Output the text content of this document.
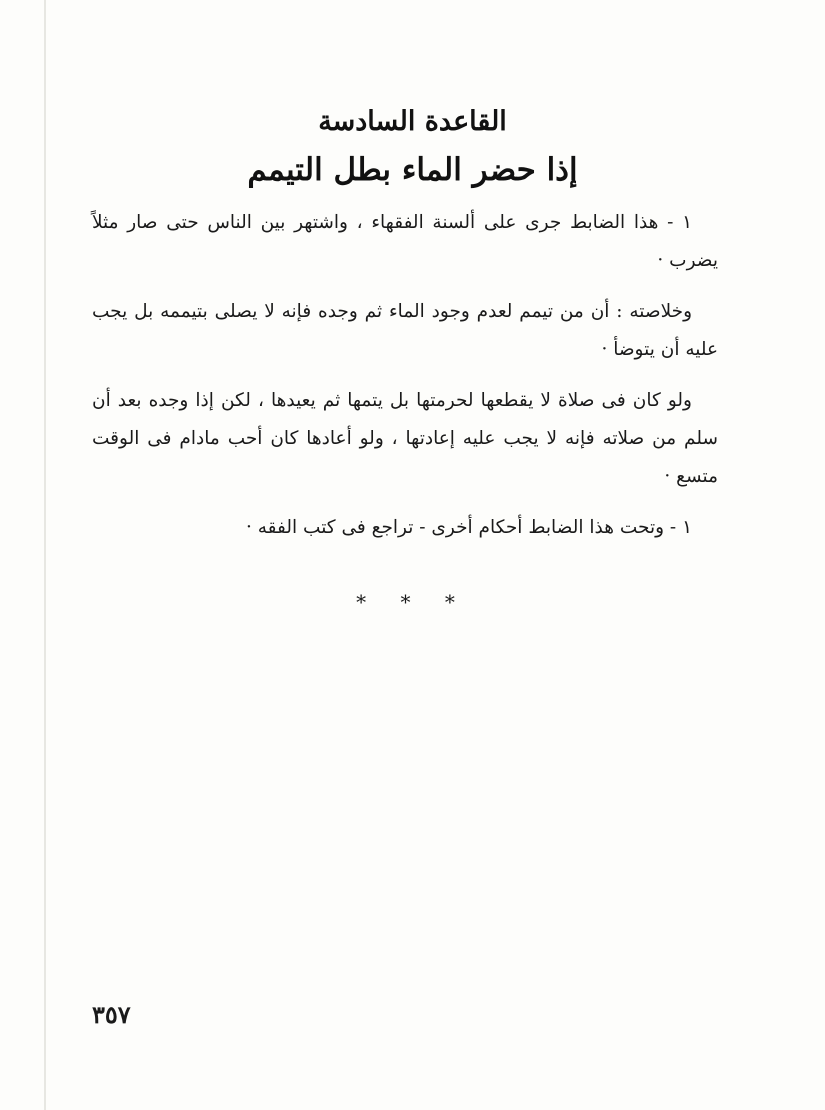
القاعدة السادسة
إذا حضر الماء بطل التيمم

١ - هذا الضابط جرى على ألسنة الفقهاء ، واشتهر بين الناس حتى صار مثلاً يضرب ·

وخلاصته : أن من تيمم لعدم وجود الماء ثم وجده فإنه لا يصلى بتيممه بل يجب عليه أن يتوضأ ·

ولو كان فى صلاة لا يقطعها لحرمتها بل يتمها ثم يعيدها ، لكن إذا وجده بعد أن سلم من صلاته فإنه لا يجب عليه إعادتها ، ولو أعادها كان أحب مادام فى الوقت متسع ·

١ - وتحت هذا الضابط أحكام أخرى - تراجع فى كتب الفقه ·

* * *
٣٥٧
